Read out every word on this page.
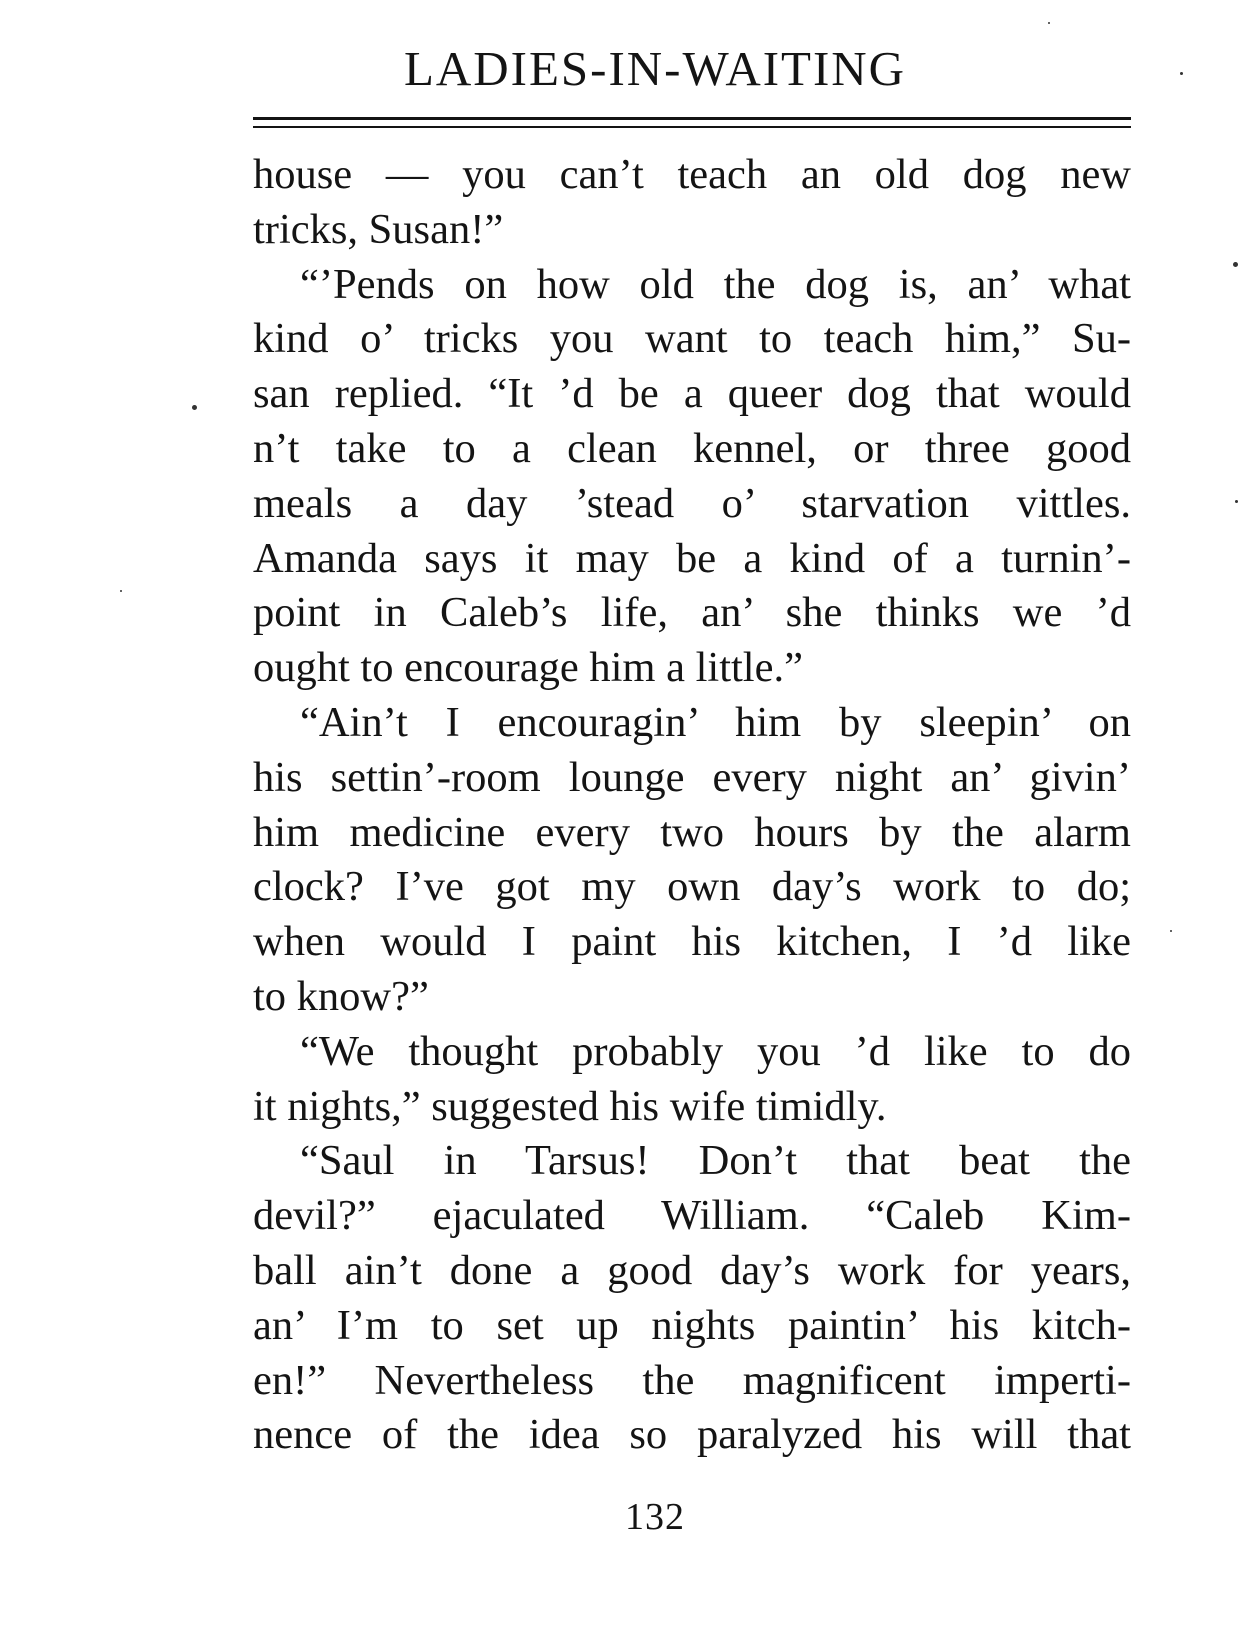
LADIES-IN-WAITING
house — you can’t teach an old dog new
tricks, Susan!”
“’Pends on how old the dog is, an’ what
kind o’ tricks you want to teach him,” Su-
san replied. “It ’d be a queer dog that would
n’t take to a clean kennel, or three good
meals a day ’stead o’ starvation vittles.
Amanda says it may be a kind of a turnin’-
point in Caleb’s life, an’ she thinks we ’d
ought to encourage him a little.”
“Ain’t I encouragin’ him by sleepin’ on
his settin’-room lounge every night an’ givin’
him medicine every two hours by the alarm
clock? I’ve got my own day’s work to do;
when would I paint his kitchen, I ’d like
to know?”
“We thought probably you ’d like to do
it nights,” suggested his wife timidly.
“Saul in Tarsus! Don’t that beat the
devil?” ejaculated William. “Caleb Kim-
ball ain’t done a good day’s work for years,
an’ I’m to set up nights paintin’ his kitch-
en!” Nevertheless the magnificent imperti-
nence of the idea so paralyzed his will that
132
